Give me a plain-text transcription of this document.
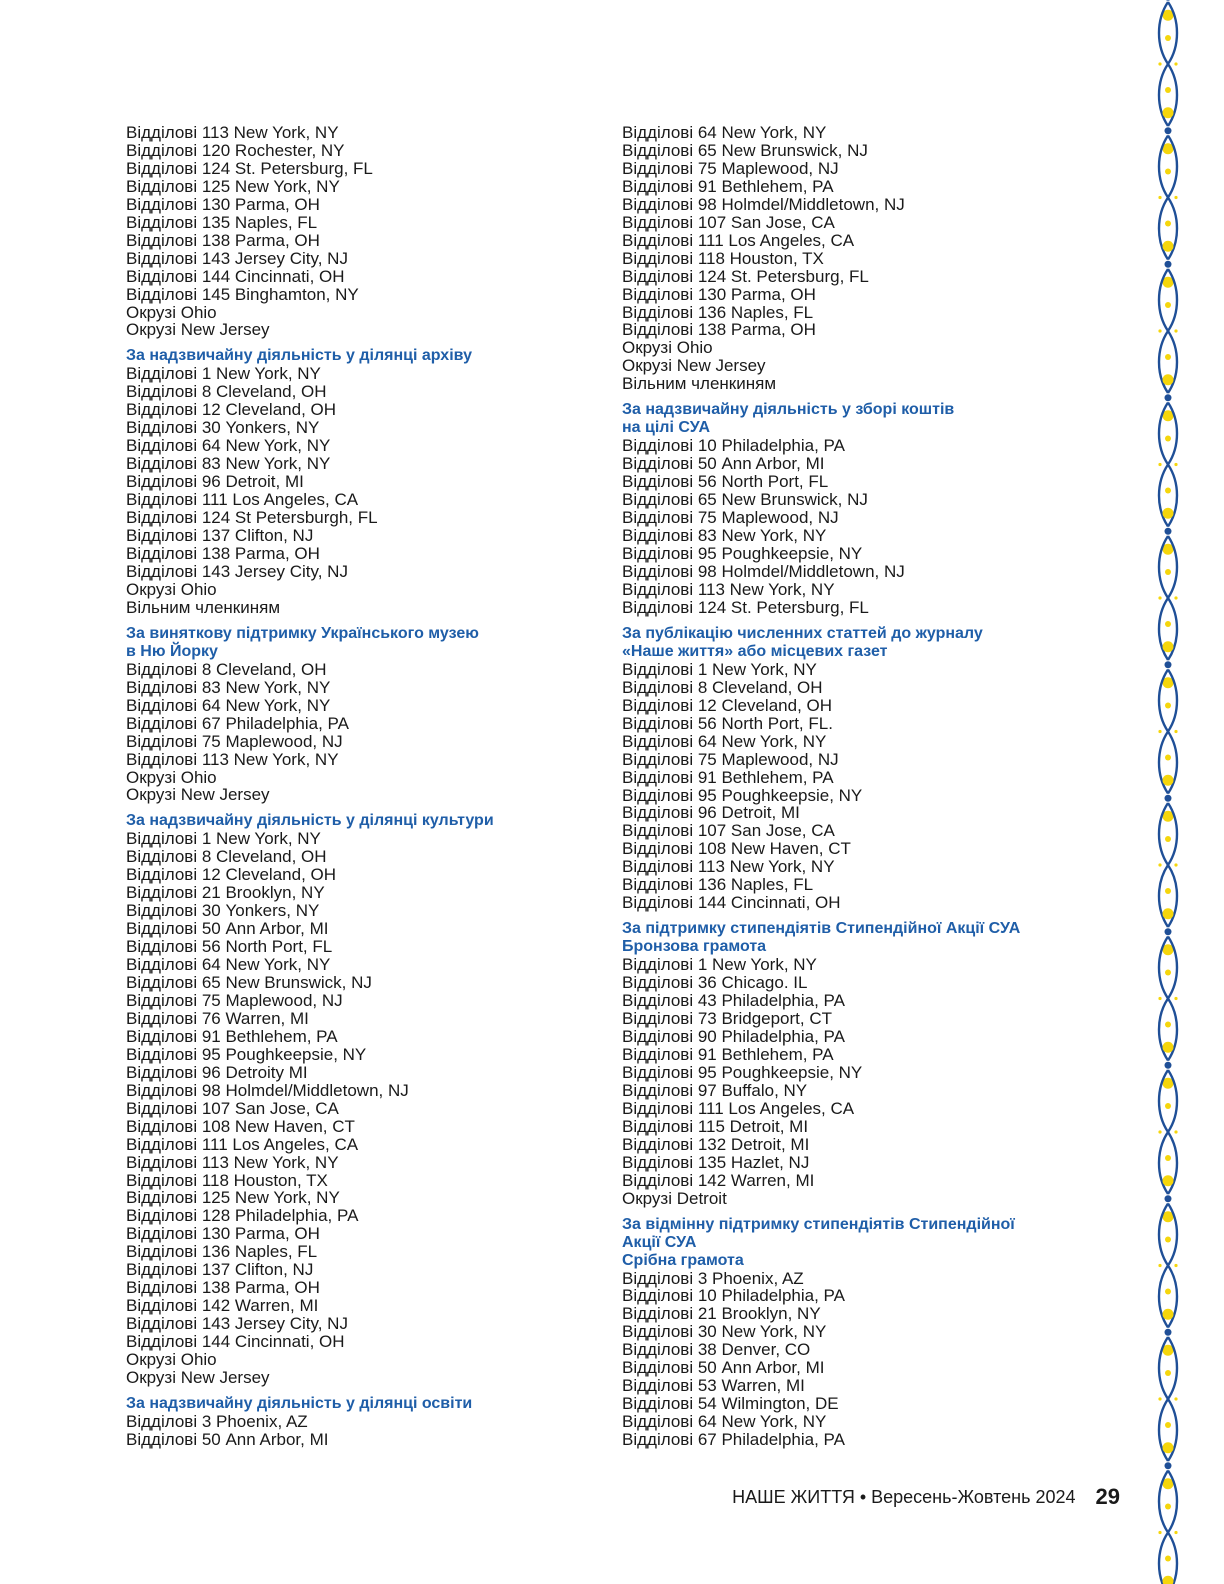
Відділові 113 New York, NY
Відділові 120 Rochester, NY
Відділові 124 St. Petersburg, FL
Відділові 125 New York, NY
Відділові 130 Parma, OH
Відділові 135 Naples, FL
Відділові 138 Parma, OH
Відділові 143 Jersey City, NJ
Відділові 144 Cincinnati, OH
Відділові 145 Binghamton, NY
Окрузі Ohio
Окрузі New Jersey
За надзвичайну діяльність у ділянці архіву
Відділові 1 New York, NY
Відділові 8 Cleveland, OH
Відділові 12 Cleveland, OH
Відділові 30 Yonkers, NY
Відділові 64 New York, NY
Відділові 83 New York, NY
Відділові 96 Detroit, MI
Відділові 111 Los Angeles, CA
Відділові 124 St Petersburgh, FL
Відділові 137 Clifton, NJ
Відділові 138 Parma, OH
Відділові 143 Jersey City, NJ
Окрузі Ohio
Вільним членкиням
За виняткову підтримку Українського музею
в Ню Йорку
Відділові 8 Cleveland, OH
Відділові 83 New York, NY
Відділові 64 New York, NY
Відділові 67 Philadelphia, PA
Відділові 75 Maplewood, NJ
Відділові 113 New York, NY
Окрузі Ohio
Окрузі New Jersey
За надзвичайну діяльність у ділянці культури
Відділові 1 New York, NY
Відділові 8 Cleveland, OH
Відділові 12 Cleveland, OH
Відділові 21 Brooklyn, NY
Відділові 30 Yonkers, NY
Відділові 50 Ann Arbor, MI
Відділові 56 North Port, FL
Відділові 64 New York, NY
Відділові 65 New Brunswick, NJ
Відділові 75 Maplewood, NJ
Відділові 76 Warren, MI
Відділові 91 Bethlehem, PA
Відділові 95 Poughkeepsie, NY
Відділові 96 Detroity MI
Відділові 98 Holmdel/Middletown, NJ
Відділові 107 San Jose, CA
Відділові 108 New Haven, CT
Відділові 111 Los Angeles, CA
Відділові 113 New York, NY
Відділові 118 Houston, TX
Відділові 125 New York, NY
Відділові 128 Philadelphia, PA
Відділові 130 Parma, OH
Відділові 136 Naples, FL
Відділові 137 Clifton, NJ
Відділові 138 Parma, OH
Відділові 142 Warren, MI
Відділові 143 Jersey City, NJ
Відділові 144 Cincinnati, OH
Окрузі Ohio
Окрузі New Jersey
За надзвичайну діяльність у ділянці освіти
Відділові 3 Phoenix, AZ
Відділові 50 Ann Arbor, MI
Відділові 64 New York, NY
Відділові 65 New Brunswick, NJ
Відділові 75 Maplewood, NJ
Відділові 91 Bethlehem, PA
Відділові 98 Holmdel/Middletown, NJ
Відділові 107 San Jose, CA
Відділові 111 Los Angeles, CA
Відділові 118 Houston, TX
Відділові 124 St. Petersburg, FL
Відділові 130 Parma, OH
Відділові 136 Naples, FL
Відділові 138 Parma, OH
Окрузі Ohio
Окрузі New Jersey
Вільним членкиням
За надзвичайну діяльність у зборі коштів
на цілі СУА
Відділові 10 Philadelphia, PA
Відділові 50 Ann Arbor, MI
Відділові 56 North Port, FL
Відділові 65 New Brunswick, NJ
Відділові 75 Maplewood, NJ
Відділові 83 New York, NY
Відділові 95 Poughkeepsie, NY
Відділові 98 Holmdel/Middletown, NJ
Відділові 113 New York, NY
Відділові 124 St. Petersburg, FL
За публікацію численних статтей до журналу
«Наше життя» або місцевих газет
Відділові 1 New York, NY
Відділові 8 Cleveland, OH
Відділові 12 Cleveland, OH
Відділові 56 North Port, FL.
Відділові 64 New York, NY
Відділові 75 Maplewood, NJ
Відділові 91 Bethlehem, PA
Відділові 95 Poughkeepsie, NY
Відділові 96 Detroit, MI
Відділові 107 San Jose, CA
Відділові 108 New Haven, CT
Відділові 113 New York, NY
Відділові 136 Naples, FL
Відділові 144 Cincinnati, OH
За підтримку стипендіятів Стипендійної Акції СУА
Бронзова грамота
Відділові 1 New York, NY
Відділові 36 Chicago. IL
Відділові 43 Philadelphia, PA
Відділові 73 Bridgeport, CT
Відділові 90 Philadelphia, PA
Відділові 91 Bethlehem, PA
Відділові 95 Poughkeepsie, NY
Відділові 97 Buffalo, NY
Відділові 111 Los Angeles, CA
Відділові 115 Detroit, MI
Відділові 132 Detroit, MI
Відділові 135 Hazlet, NJ
Відділові 142 Warren, MI
Окрузі Detroit
За відмінну підтримку стипендіятів Стипендійної
Акції СУА
Срібна грамота
Відділові 3 Phoenix, AZ
Відділові 10 Philadelphia, PA
Відділові 21 Brooklyn, NY
Відділові 30 New York, NY
Відділові 38 Denver, CO
Відділові 50 Ann Arbor, MI
Відділові 53 Warren, MI
Відділові 54 Wilmington, DE
Відділові 64 New York, NY
Відділові 67 Philadelphia, PA
НАШЕ ЖИТТЯ • Вересень-Жовтень 2024 29
